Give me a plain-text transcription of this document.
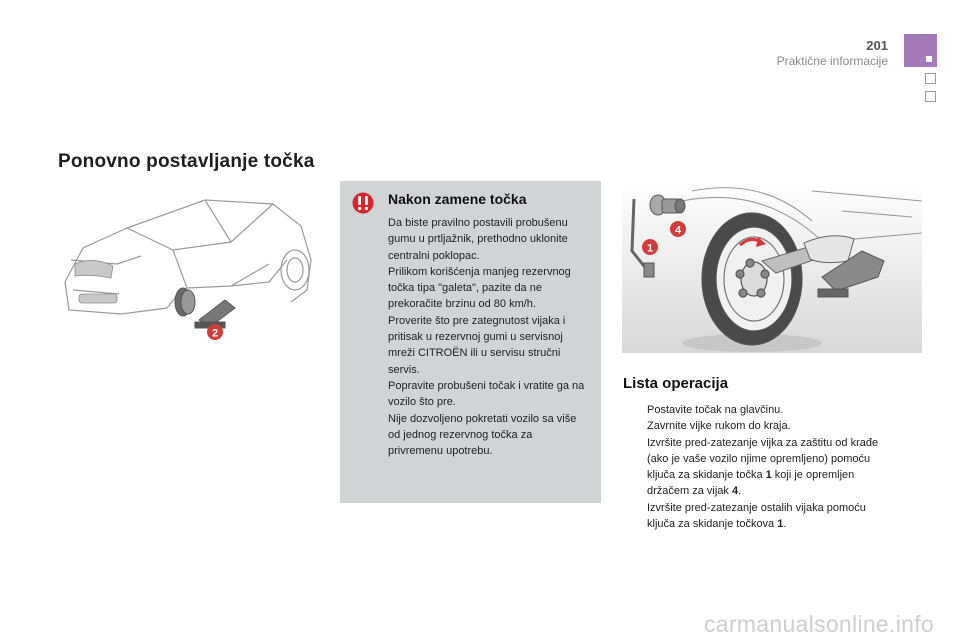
201
Praktične informacije
Ponovno postavljanje točka
2
Nakon zamene točka

Da biste pravilno postavili probušenu gumu u prtljažnik, prethodno uklonite centralni poklopac.

Prilikom korišćenja manjeg rezervnog točka tipa "galeta", pazite da ne prekoračite brzinu od 80 km/h.

Proverite što pre zategnutost vijaka i pritisak u rezervnoj gumi u servisnoj mreži CITROËN ili u servisu stručni servis.

Popravite probušeni točak i vratite ga na vozilo što pre.

Nije dozvoljeno pokretati vozilo sa više od jednog rezervnog točka za privremenu upotrebu.

1
4
Lista operacija
Postavite točak na glavčinu.
Zavrnite vijke rukom do kraja.
Izvršite pred-zatezanje vijka za zaštitu od krađe (ako je vaše vozilo njime opremljeno) pomoću ključa za skidanje točka 1 koji je opremljen držačem za vijak 4.
Izvršite pred-zatezanje ostalih vijaka pomoću ključa za skidanje točkova 1.
carmanualsonline.info
